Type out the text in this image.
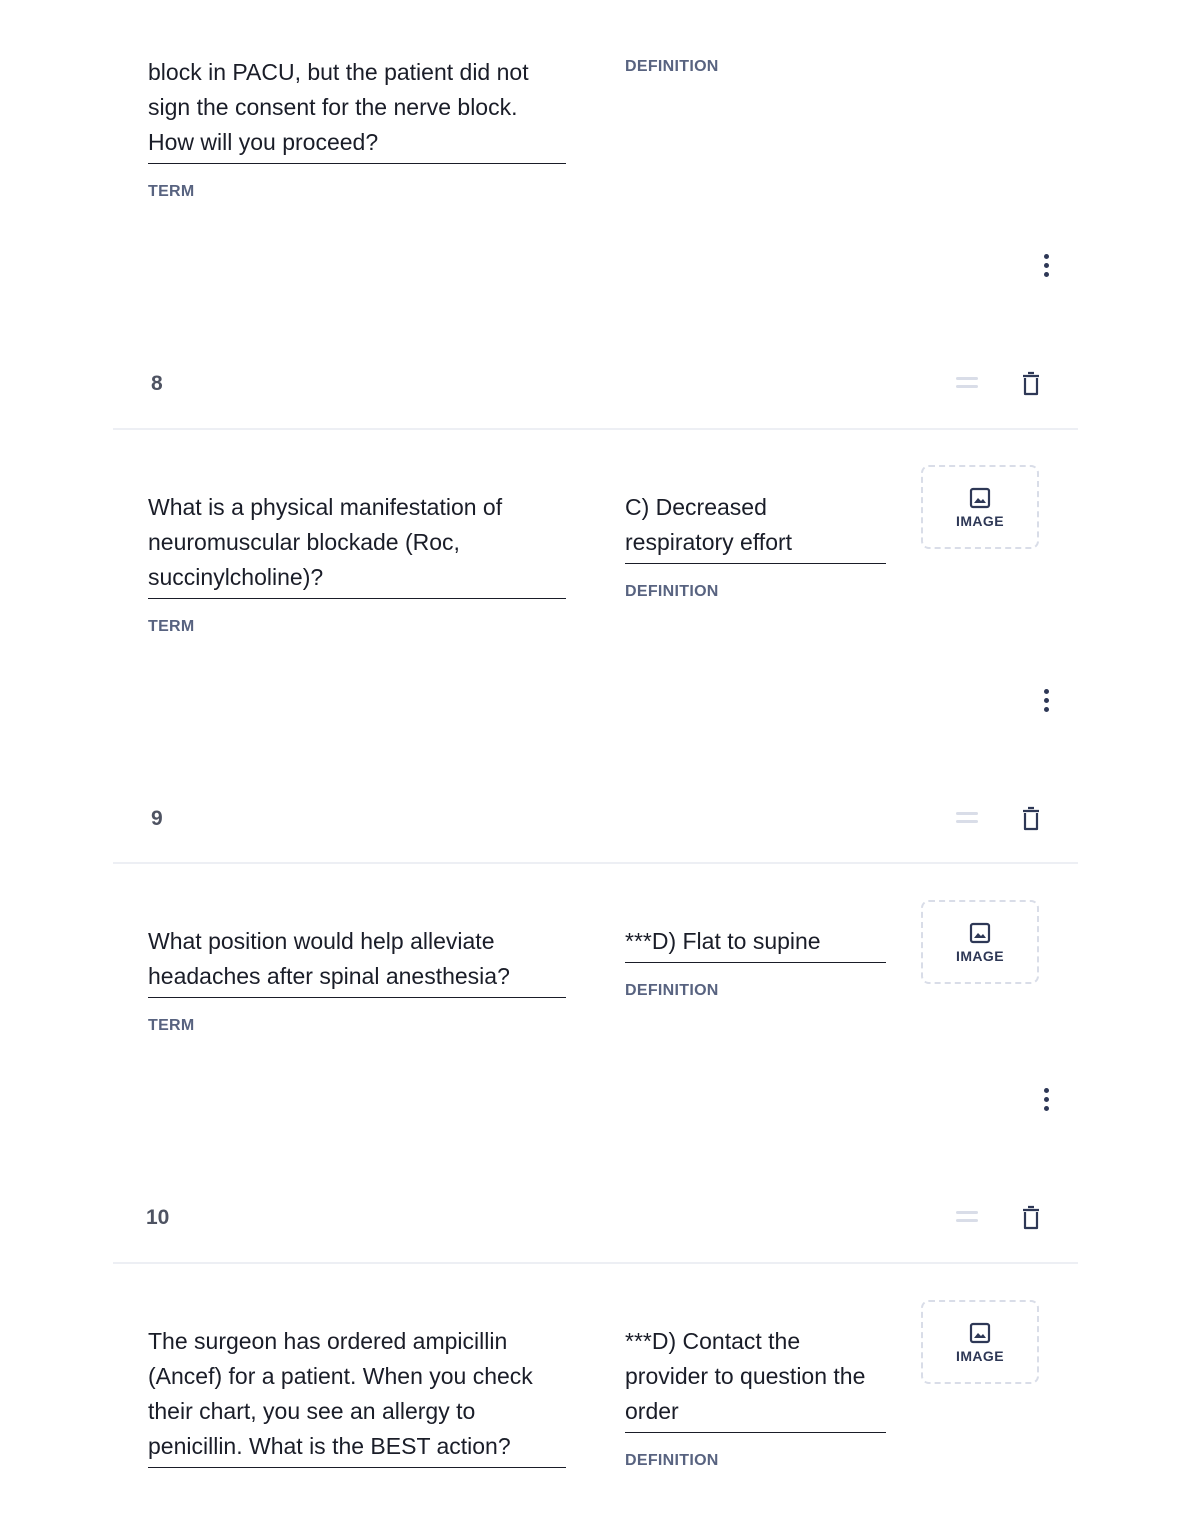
block in PACU, but the patient did not
sign the consent for the nerve block.
How will you proceed?
TERM
DEFINITION
8
What is a physical manifestation of
neuromuscular blockade (Roc,
succinylcholine)?
TERM
C) Decreased
respiratory effort
DEFINITION
IMAGE
9
What position would help alleviate
headaches after spinal anesthesia?
TERM
***D) Flat to supine
DEFINITION
IMAGE
10
The surgeon has ordered ampicillin
(Ancef) for a patient. When you check
their chart, you see an allergy to
penicillin. What is the BEST action?
***D) Contact the
provider to question the
order
DEFINITION
IMAGE
